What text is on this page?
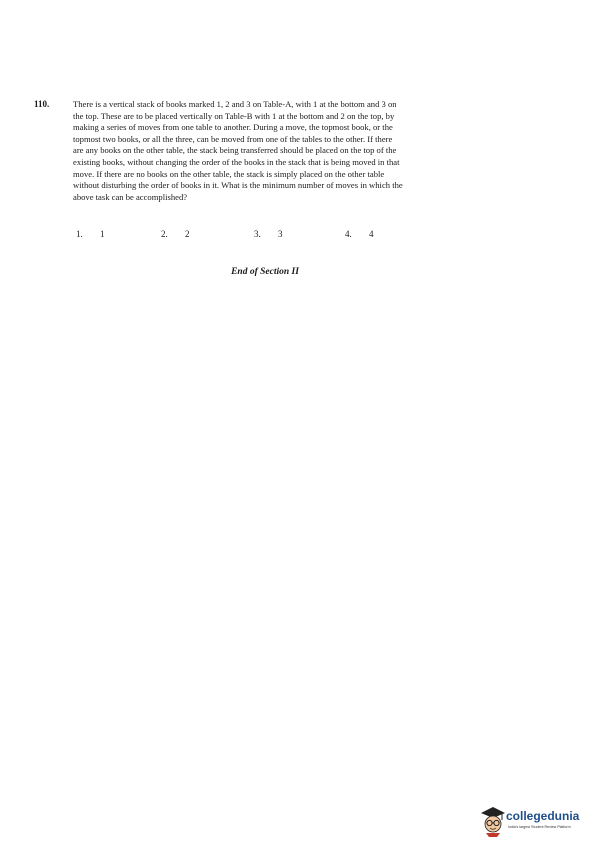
110.	There is a vertical stack of books marked 1, 2 and 3 on Table-A, with 1 at the bottom and 3 on
the top. These are to be placed vertically on Table-B with 1 at the bottom and 2 on the top, by
making a series of moves from one table to another. During a move, the topmost book, or the
topmost two books, or all the three, can be moved from one of the tables to the other. If there
are any books on the other table, the stack being transferred should be placed on the top of the
existing books, without changing the order of the books in the stack that is being moved in that
move. If there are no books on the other table, the stack is simply placed on the other table
without disturbing the order of books in it. What is the minimum number of moves in which the
above task can be accomplished?
1. 1	2. 2	3. 3	4. 4
End of Section II
collegedunia
India's largest Student Review Platform
